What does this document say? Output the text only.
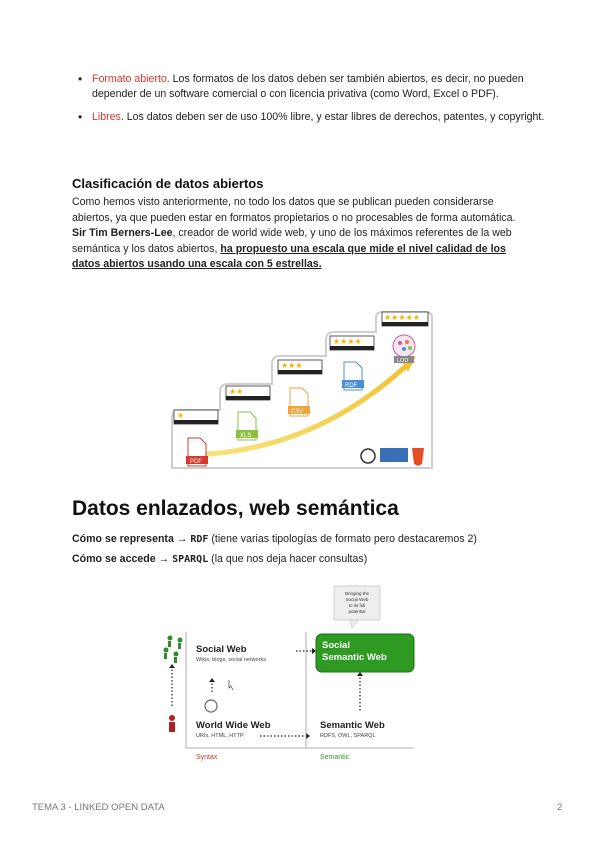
• Formato abierto. Los formatos de los datos deben ser también abiertos, es decir, no pueden depender de un software comercial o con licencia privativa (como Word, Excel o PDF).
• Libres. Los datos deben ser de uso 100% libre, y estar libres de derechos, patentes, y copyright.
Clasificación de datos abiertos

Como hemos visto anteriormente, no todo los datos que se publican pueden considerarse abiertos, ya que pueden estar en formatos propietarios o no procesables de forma automática. Sir Tim Berners-Lee, creador de world wide web, y uno de los máximos referentes de la web semántica y los datos abiertos, ha propuesto una escala que mide el nivel calidad de los datos abiertos usando una escala con 5 estrellas.

★
★★
★★★
★★★★
★★★★★
PDF
XLS
CSV
RDF
LOD
Datos enlazados, web semántica
Cómo se representa → RDF (tiene varias tipologías de formato pero destacaremos 2)
Cómo se accede → SPARQL (la que nos deja hacer consultas)
Bringing the
Social Web
to its full
potential
Social Web
Wikis, blogs, social networks
Social
Semantic Web
World Wide Web
URIs, HTML, HTTP
Semantic Web
RDFS, OWL, SPARQL
Syntax	Semantic
TEMA 3 - LINKED OPEN DATA	2
